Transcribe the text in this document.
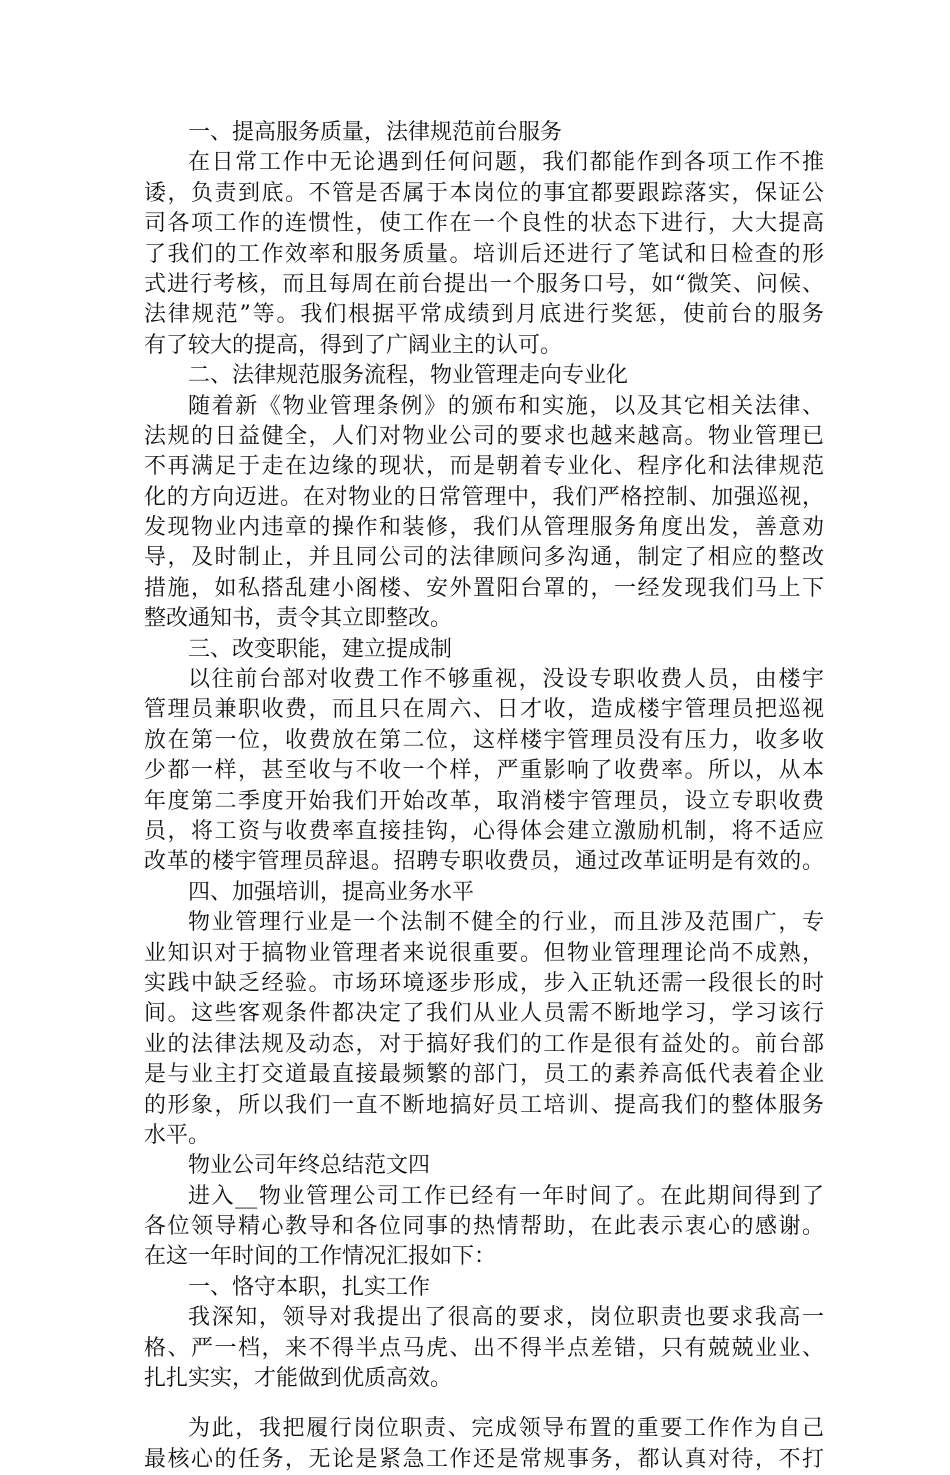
一、提高服务质量，法律规范前台服务
在日常工作中无论遇到任何问题，我们都能作到各项工作不推
诿，负责到底。不管是否属于本岗位的事宜都要跟踪落实，保证公
司各项工作的连惯性，使工作在一个良性的状态下进行，大大提高
了我们的工作效率和服务质量。培训后还进行了笔试和日检查的形
式进行考核，而且每周在前台提出一个服务口号，如“微笑、问候、
法律规范”等。我们根据平常成绩到月底进行奖惩，使前台的服务
有了较大的提高，得到了广阔业主的认可。
二、法律规范服务流程，物业管理走向专业化
随着新《物业管理条例》的颁布和实施，以及其它相关法律、
法规的日益健全，人们对物业公司的要求也越来越高。物业管理已
不再满足于走在边缘的现状，而是朝着专业化、程序化和法律规范
化的方向迈进。在对物业的日常管理中，我们严格控制、加强巡视，
发现物业内违章的操作和装修，我们从管理服务角度出发，善意劝
导，及时制止，并且同公司的法律顾问多沟通，制定了相应的整改
措施，如私搭乱建小阁楼、安外置阳台罩的，一经发现我们马上下
整改通知书，责令其立即整改。
三、改变职能，建立提成制
以往前台部对收费工作不够重视，没设专职收费人员，由楼宇
管理员兼职收费，而且只在周六、日才收，造成楼宇管理员把巡视
放在第一位，收费放在第二位，这样楼宇管理员没有压力，收多收
少都一样，甚至收与不收一个样，严重影响了收费率。所以，从本
年度第二季度开始我们开始改革，取消楼宇管理员，设立专职收费
员，将工资与收费率直接挂钩，心得体会建立激励机制，将不适应
改革的楼宇管理员辞退。招聘专职收费员，通过改革证明是有效的。
四、加强培训，提高业务水平
物业管理行业是一个法制不健全的行业，而且涉及范围广，专
业知识对于搞物业管理者来说很重要。但物业管理理论尚不成熟，
实践中缺乏经验。市场环境逐步形成，步入正轨还需一段很长的时
间。这些客观条件都决定了我们从业人员需不断地学习，学习该行
业的法律法规及动态，对于搞好我们的工作是很有益处的。前台部
是与业主打交道最直接最频繁的部门，员工的素养高低代表着企业
的形象，所以我们一直不断地搞好员工培训、提高我们的整体服务
水平。
物业公司年终总结范文四
进入__物业管理公司工作已经有一年时间了。在此期间得到了
各位领导精心教导和各位同事的热情帮助，在此表示衷心的感谢。
在这一年时间的工作情况汇报如下：
一、恪守本职，扎实工作
我深知，领导对我提出了很高的要求，岗位职责也要求我高一
格、严一档，来不得半点马虎、出不得半点差错，只有兢兢业业、
扎扎实实，才能做到优质高效。
为此，我把履行岗位职责、完成领导布置的重要工作作为自己
最核心的任务，无论是紧急工作还是常规事务，都认真对待，不打
